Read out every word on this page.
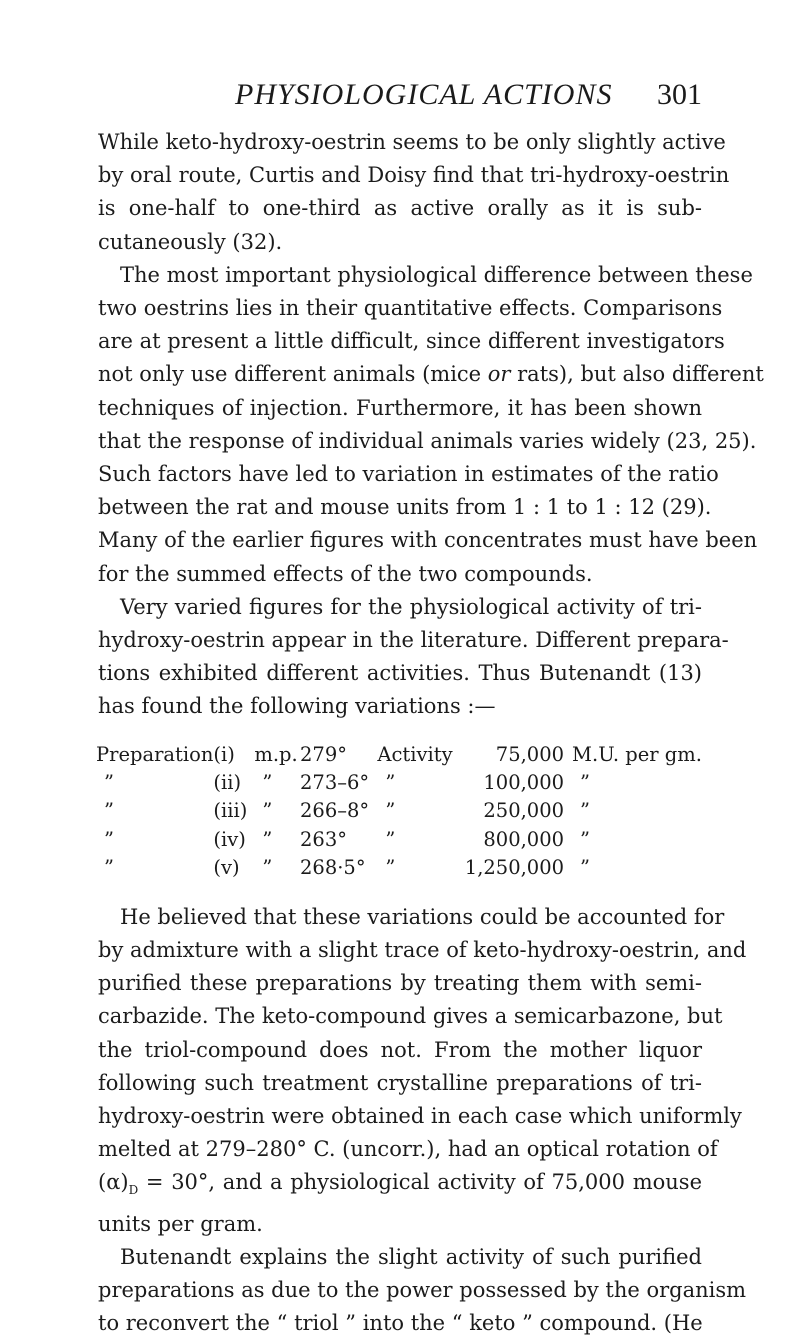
PHYSIOLOGICAL ACTIONS 301

While keto-hydroxy-oestrin seems to be only slightly active
by oral route, Curtis and Doisy find that tri-hydroxy-oestrin
is one-half to one-third as active orally as it is sub-
cutaneously (32).

The most important physiological difference between these
two oestrins lies in their quantitative effects. Comparisons
are at present a little difficult, since different investigators
not only use different animals (mice or rats), but also different
techniques of injection. Furthermore, it has been shown
that the response of individual animals varies widely (23, 25).
Such factors have led to variation in estimates of the ratio
between the rat and mouse units from 1 : 1 to 1 : 12 (29).
Many of the earlier figures with concentrates must have been
for the summed effects of the two compounds.

Very varied figures for the physiological activity of tri-
hydroxy-oestrin appear in the literature. Different prepara-
tions exhibited different activities. Thus Butenandt (13)
has found the following variations :—

Preparation	(i)	m.p.	279°	Activity	75,000	M.U. per gm.
”	(ii)	”	273–6°	”	100,000	”
”	(iii)	”	266–8°	”	250,000	”
”	(iv)	”	263°	”	800,000	”
”	(v)	”	268·5°	”	1,250,000	”

He believed that these variations could be accounted for
by admixture with a slight trace of keto-hydroxy-oestrin, and
purified these preparations by treating them with semi-
carbazide. The keto-compound gives a semicarbazone, but
the triol-compound does not. From the mother liquor
following such treatment crystalline preparations of tri-
hydroxy-oestrin were obtained in each case which uniformly
melted at 279–280° C. (uncorr.), had an optical rotation of
$(\alpha)_D = 30^\circ$, and a physiological activity of 75,000 mouse
units per gram.

Butenandt explains the slight activity of such purified
preparations as due to the power possessed by the organism
to reconvert the “ triol ” into the “ keto ” compound. (He
